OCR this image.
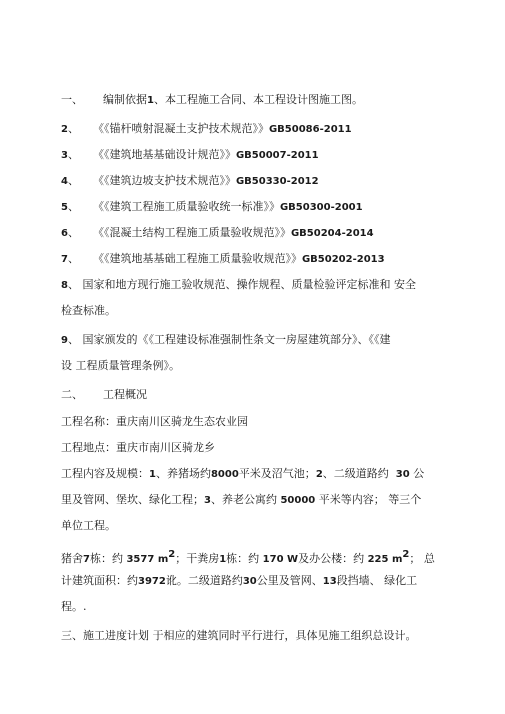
一、 编制依据1、本工程施工合同、本工程设计图施工图。
2、 《《锚杆喷射混凝土支护技术规范》》GB50086-2011
3、 《《建筑地基基础设计规范》》GB50007-2011
4、 《《建筑边坡支护技术规范》》GB50330-2012
5、 《《建筑工程施工质量验收统一标准》》GB50300-2001
6、 《《混凝土结构工程施工质量验收规范》》GB50204-2014
7、 《《建筑地基基础工程施工质量验收规范》》GB50202-2013
8、 国家和地方现行施工验收规范、操作规程、质量检验评定标准和 安全
检查标准。
9、 国家颁发的《《工程建设标准强制性条文一房屋建筑部分》、《《建
设 工程质量管理条例》。
二、 工程概况
工程名称：重庆南川区骑龙生态农业园
工程地点：重庆市南川区骑龙乡
工程内容及规模：1、养猪场约8000平米及沼气池；2、二级道路约 30 公
里及管网、堡坎、绿化工程；3、养老公寓约 50000 平米等内容； 等三个
单位工程。
猪舍7栋：约 3577 $m^2$；干粪房1栋：约 170 W及办公楼：约 225 $m^2$； 总
计建筑面积：约3972讹。二级道路约30公里及管网、13段挡墙、 绿化工
程。.
三、施工进度计划 于相应的建筑同时平行进行，具体见施工组织总设计。
